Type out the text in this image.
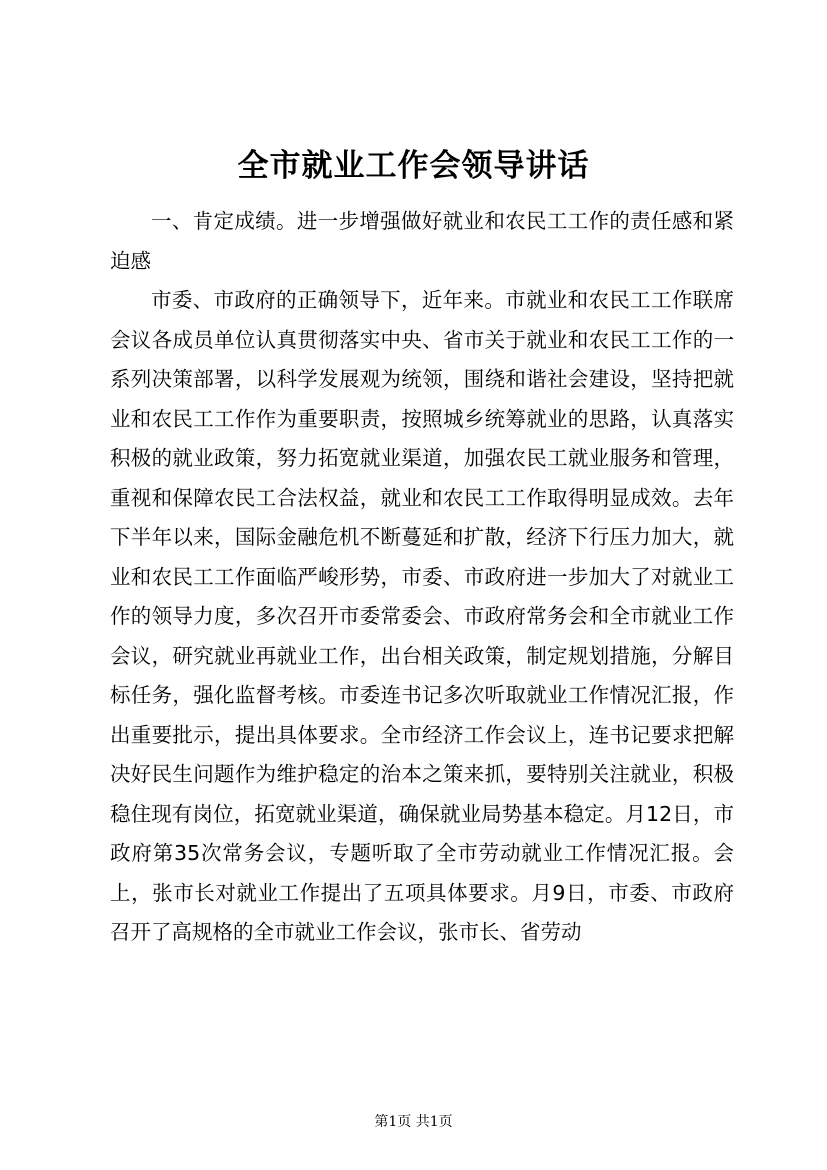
全市就业工作会领导讲话

一、肯定成绩。进一步增强做好就业和农民工工作的责任感和紧迫感

市委、市政府的正确领导下，近年来。市就业和农民工工作联席会议各成员单位认真贯彻落实中央、省市关于就业和农民工工作的一系列决策部署，以科学发展观为统领，围绕和谐社会建设，坚持把就业和农民工工作作为重要职责，按照城乡统筹就业的思路，认真落实积极的就业政策，努力拓宽就业渠道，加强农民工就业服务和管理，重视和保障农民工合法权益，就业和农民工工作取得明显成效。去年下半年以来，国际金融危机不断蔓延和扩散，经济下行压力加大，就业和农民工工作面临严峻形势，市委、市政府进一步加大了对就业工作的领导力度，多次召开市委常委会、市政府常务会和全市就业工作会议，研究就业再就业工作，出台相关政策，制定规划措施，分解目标任务，强化监督考核。市委连书记多次听取就业工作情况汇报，作出重要批示，提出具体要求。全市经济工作会议上，连书记要求把解决好民生问题作为维护稳定的治本之策来抓，要特别关注就业，积极稳住现有岗位，拓宽就业渠道，确保就业局势基本稳定。月12日，市政府第35次常务会议，专题听取了全市劳动就业工作情况汇报。会上，张市长对就业工作提出了五项具体要求。月9日，市委、市政府召开了高规格的全市就业工作会议，张市长、省劳动

第1页 共1页
